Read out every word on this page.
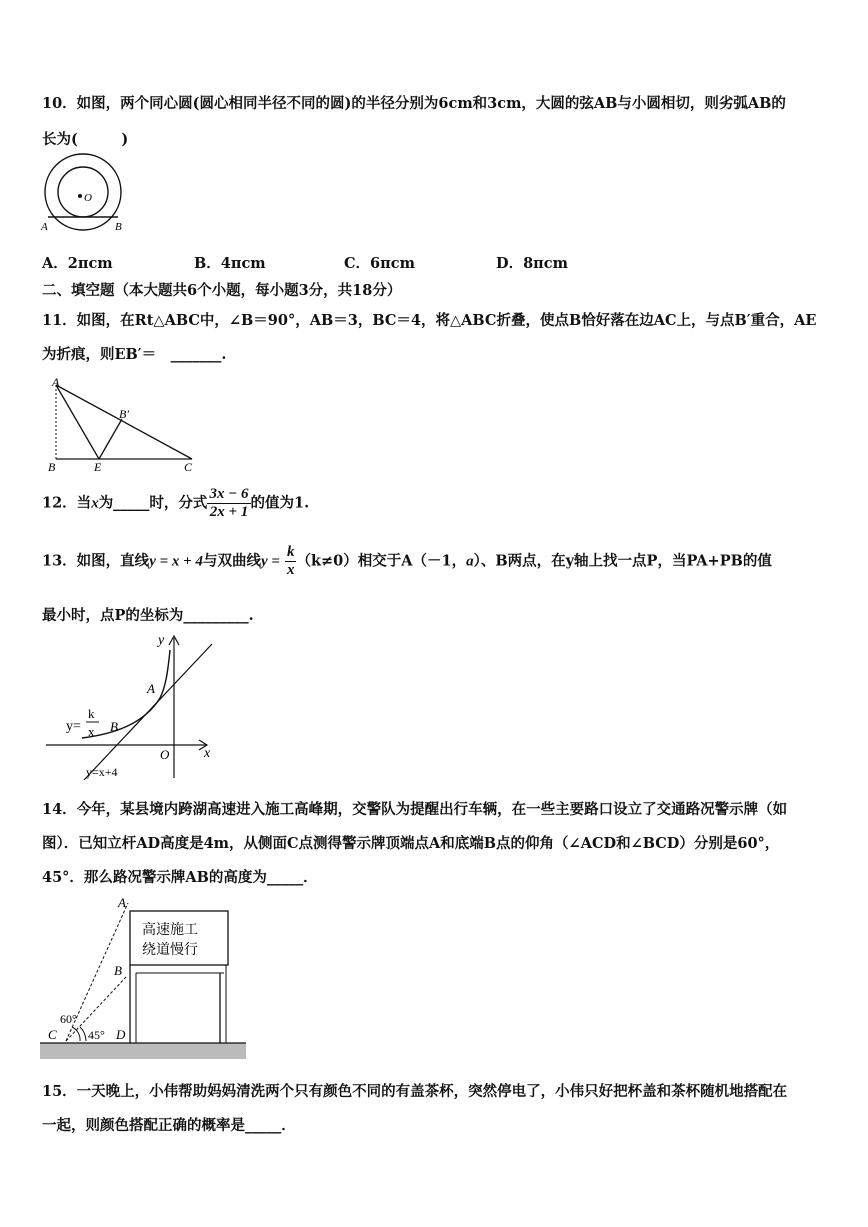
10．如图，两个同心圆(圆心相同半径不同的圆)的半径分别为6cm和3cm，大圆的弦AB与小圆相切，则劣弧AB的
长为(　　　)
O
A	B
A．2πcm	B．4πcm	C．6πcm	D．8πcm
二、填空题（本大题共6个小题，每小题3分，共18分）
11．如图，在Rt△ABC中，∠B＝90°，AB＝3，BC＝4，将△ABC折叠，使点B恰好落在边AC上，与点B′重合，AE
为折痕，则EB′＝　_______.
A
B′
B	E	C
12．当x为_____时，分式 $\frac{3x - 6}{2x + 1}$ 的值为1.
13．如图，直线y = x + 4与双曲线$y = \frac{k}{x} (k\ne 0)$相交于A（－1，a）、B两点，在y轴上找一点P，当PA+PB的值
最小时，点P的坐标为_________.
y
x
A
B
O
y=
k
x
y=x+4
14．今年，某县境内跨湖高速进入施工高峰期，交警队为提醒出行车辆，在一些主要路口设立了交通路况警示牌（如
图）．已知立杆AD高度是4m，从侧面C点测得警示牌顶端点A和底端B点的仰角（∠ACD和∠BCD）分别是60°，
45°．那么路况警示牌AB的高度为_____．
高速施工
绕道慢行
A
B
C	D
60°
45°
15．一天晚上，小伟帮助妈妈清洗两个只有颜色不同的有盖茶杯，突然停电了，小伟只好把杯盖和茶杯随机地搭配在
一起，则颜色搭配正确的概率是_____．
